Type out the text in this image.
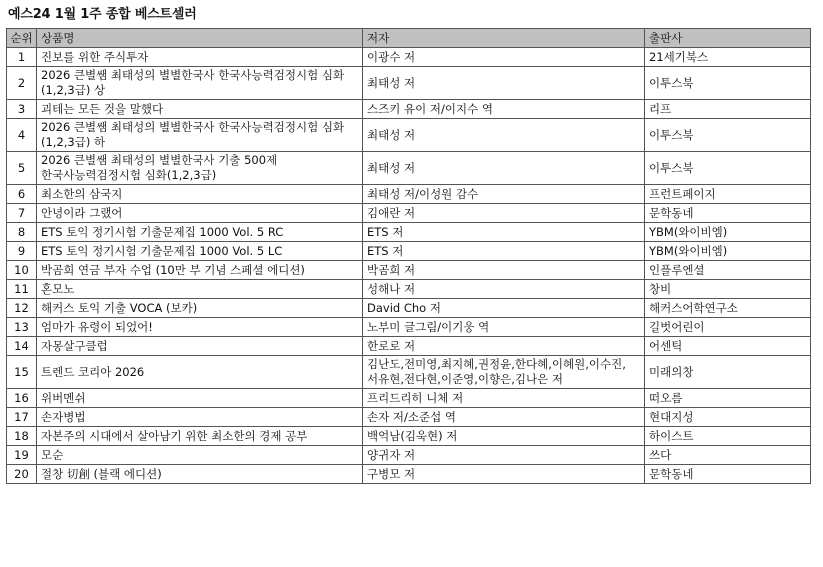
예스24 1월 1주 종합 베스트셀러
순위	상품명	저자	출판사
1	진보를 위한 주식투자	이광수 저	21세기북스
2	2026 큰별쌤 최태성의 별별한국사 한국사능력검정시험 심화(1,2,3급) 상	최태성 저	이투스북
3	괴테는 모든 것을 말했다	스즈키 유이 저/이지수 역	리프
4	2026 큰별쌤 최태성의 별별한국사 한국사능력검정시험 심화(1,2,3급) 하	최태성 저	이투스북
5	2026 큰별쌤 최태성의 별별한국사 기출 500제 한국사능력검정시험 심화(1,2,3급)	최태성 저	이투스북
6	최소한의 삼국지	최태성 저/이성원 감수	프런트페이지
7	안녕이라 그랬어	김애란 저	문학동네
8	ETS 토익 정기시험 기출문제집 1000 Vol. 5 RC	ETS 저	YBM(와이비엠)
9	ETS 토익 정기시험 기출문제집 1000 Vol. 5 LC	ETS 저	YBM(와이비엠)
10	박곰희 연금 부자 수업 (10만 부 기념 스페셜 에디션)	박곰희 저	인플루엔셜
11	혼모노	성해나 저	창비
12	해커스 토익 기출 VOCA (보카)	David Cho 저	해커스어학연구소
13	엄마가 유령이 되었어!	노부미 글그림/이기웅 역	길벗어린이
14	자몽살구클럽	한로로 저	어센틱
15	트렌드 코리아 2026	김난도,전미영,최지혜,권정윤,한다혜,이혜원,이수진,서유현,전다현,이준영,이향은,김나은 저	미래의창
16	위버멘쉬	프리드리히 니체 저	떠오름
17	손자병법	손자 저/소준섭 역	현대지성
18	자본주의 시대에서 살아남기 위한 최소한의 경제 공부	백억남(김욱현) 저	하이스트
19	모순	양귀자 저	쓰다
20	절창 切創 (블랙 에디션)	구병모 저	문학동네
